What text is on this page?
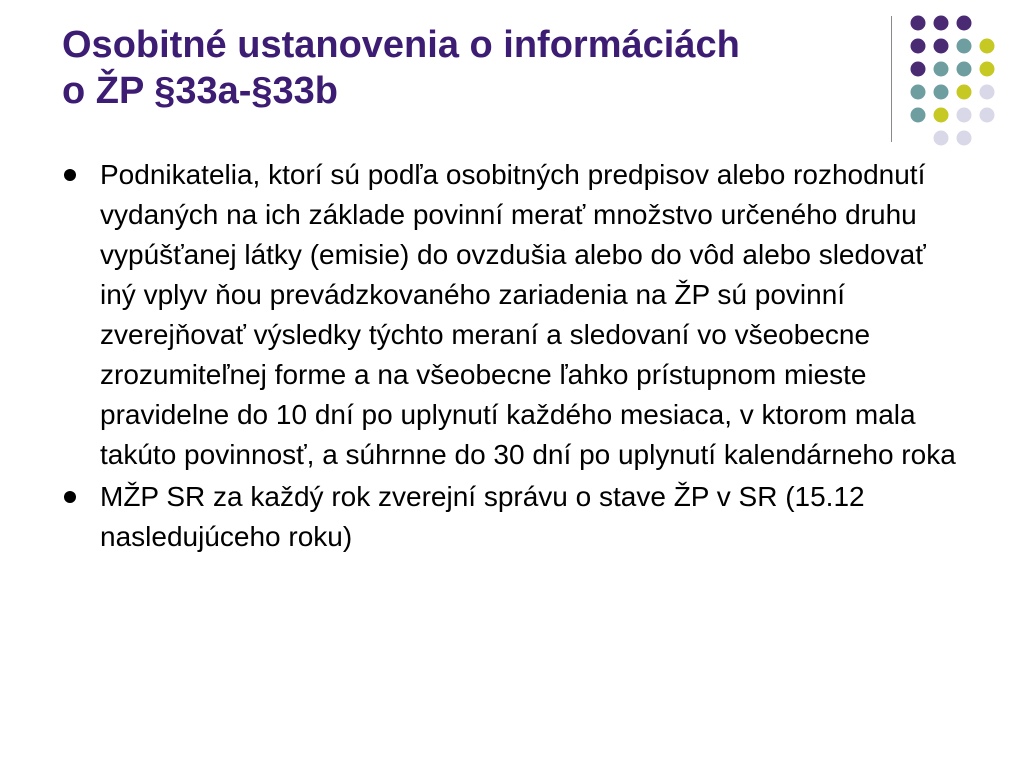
Osobitné ustanovenia o informáciách
o ŽP §33a-§33b
Podnikatelia, ktorí sú podľa osobitných predpisov alebo rozhodnutí vydaných na ich základe povinní merať množstvo určeného druhu vypúšťanej látky (emisie) do ovzdušia alebo do vôd alebo sledovať iný vplyv ňou prevádzkovaného zariadenia na ŽP sú povinní zverejňovať výsledky týchto meraní a sledovaní vo všeobecne zrozumiteľnej forme a na všeobecne ľahko prístupnom mieste pravidelne do 10 dní po uplynutí každého mesiaca, v ktorom mala takúto povinnosť, a súhrnne do 30 dní po uplynutí kalendárneho roka
MŽP SR za každý rok zverejní správu o stave ŽP v SR (15.12 nasledujúceho roku)
